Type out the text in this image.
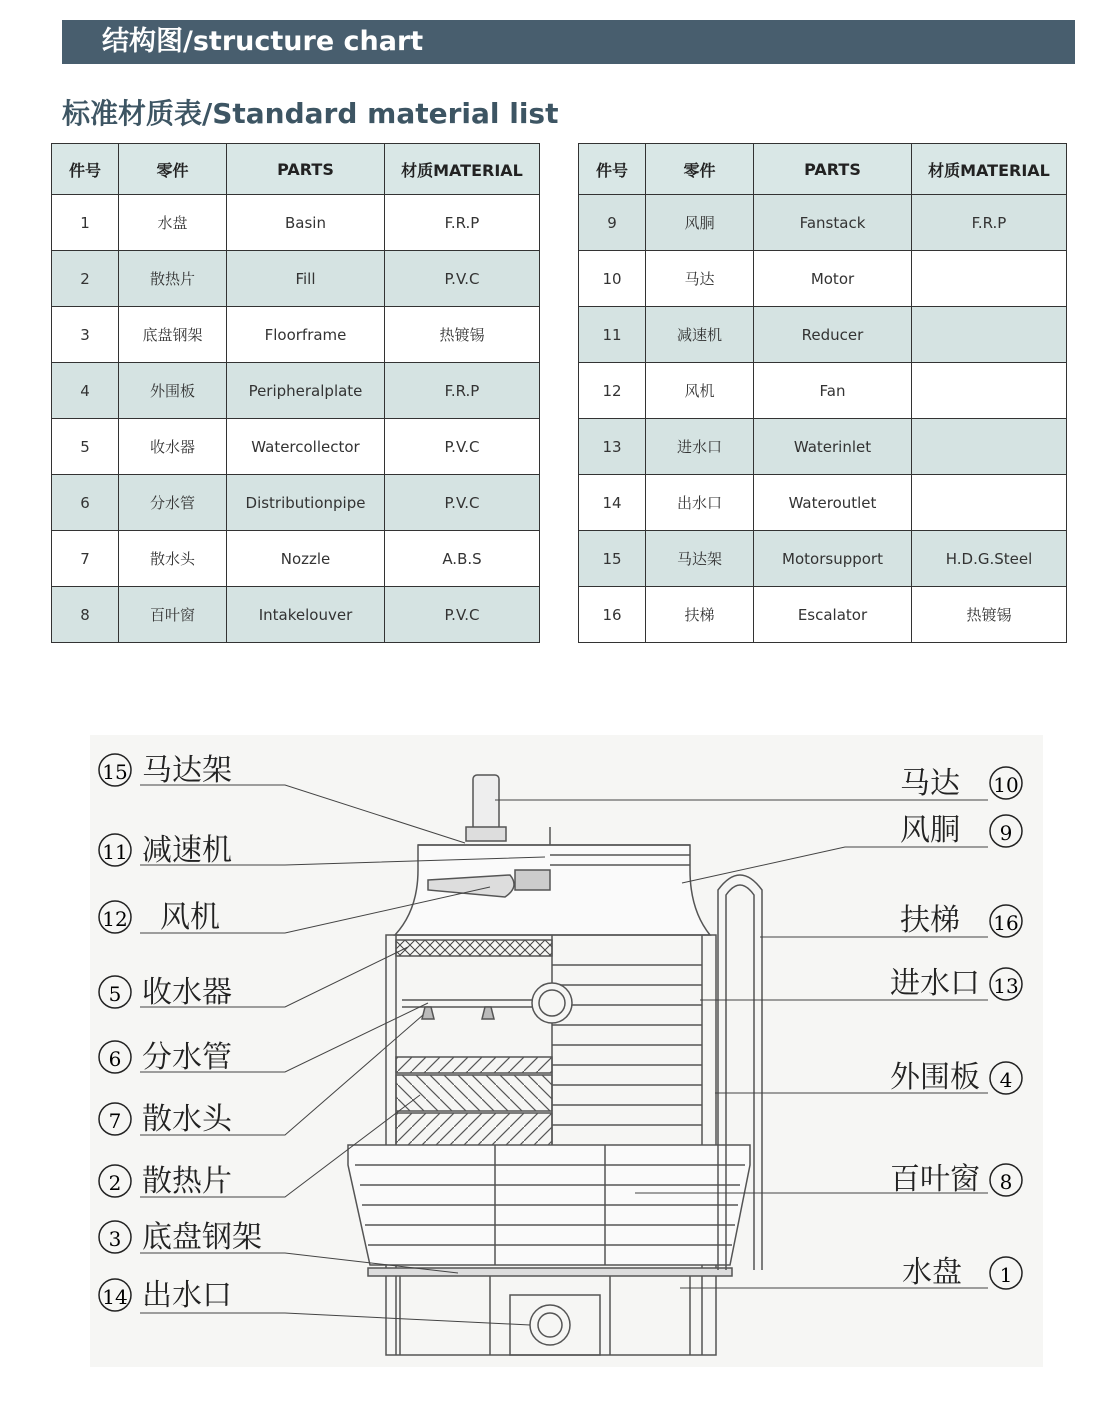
结构图/structure chart
标准材质表/Standard material list
件号	零件	PARTS	材质MATERIAL
1	水盘	Basin	F.R.P
2	散热片	Fill	P.V.C
3	底盘钢架	Floorframe	热镀锡
4	外围板	Peripheralplate	F.R.P
5	收水器	Watercollector	P.V.C
6	分水管	Distributionpipe	P.V.C
7	散水头	Nozzle	A.B.S
8	百叶窗	Intakelouver	P.V.C
件号	零件	PARTS	材质MATERIAL
9	风胴	Fanstack	F.R.P
10	马达	Motor	
11	减速机	Reducer	
12	风机	Fan	
13	进水口	Waterinlet	
14	出水口	Wateroutlet	
15	马达架	Motorsupport	H.D.G.Steel
16	扶梯	Escalator	热镀锡
15 马达架
11 减速机
12 风机
5 收水器
6 分水管
7 散水头
2 散热片
3 底盘钢架
14 出水口
马达 10
风胴 9
扶梯 16
进水口 13
外围板 4
百叶窗 8
水盘 1
